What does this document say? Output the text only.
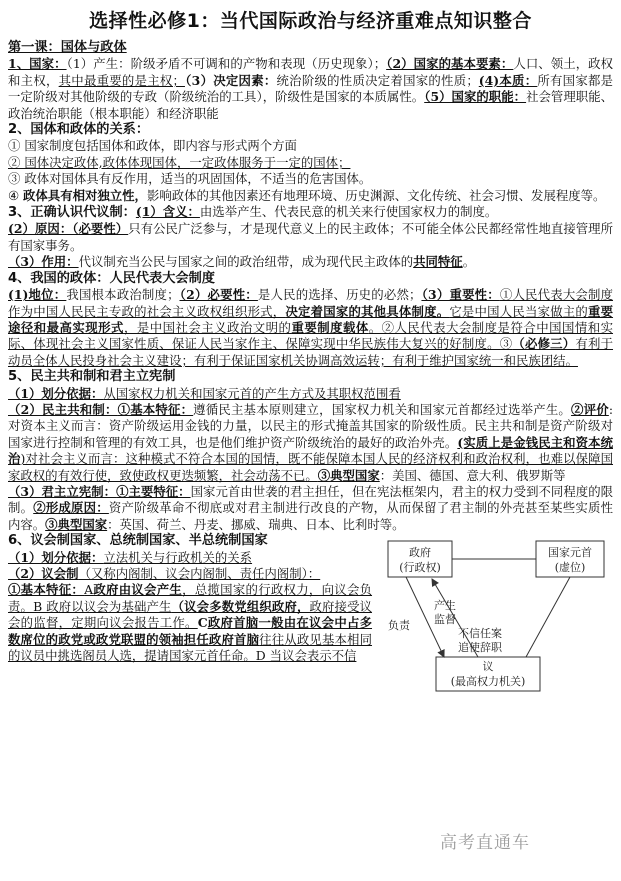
选择性必修1：当代国际政治与经济重难点知识整合
第一课：国体与政体
1、国家：（1）产生：阶级矛盾不可调和的产物和表现（历史现象）；（2）国家的基本要素：人口、领土，政权和主权，其中最重要的是主权；（3）决定因素：统治阶级的性质决定着国家的性质；(4)本质：所有国家都是一定阶级对其他阶级的专政（阶级统治的工具），阶级性是国家的本质属性。（5）国家的职能：社会管理职能、政治统治职能（根本职能）和经济职能
2、国体和政体的关系：
① 国家制度包括国体和政体，即内容与形式两个方面
② 国体决定政体,政体体现国体，一定政体服务于一定的国体；
③ 政体对国体具有反作用，适当的巩固国体，不适当的危害国体。
④ 政体具有相对独立性，影响政体的其他因素还有地理环境、历史渊源、文化传统、社会习惯、发展程度等。
3、正确认识代议制：(1）含义：由选举产生、代表民意的机关来行使国家权力的制度。
(2）原因：（必要性）只有公民广泛参与，才是现代意义上的民主政体；不可能全体公民都经常性地直接管理所有国家事务。
（3）作用：代议制充当公民与国家之间的政治纽带，成为现代民主政体的共同特征。
4、我国的政体：人民代表大会制度
(1)地位：我国根本政治制度；（2）必要性：是人民的选择、历史的必然；（3）重要性：①人民代表大会制度作为中国人民民主专政的社会主义政权组织形式，决定着国家的其他具体制度。它是中国人民当家做主的重要途径和最高实现形式，是中国社会主义政治文明的重要制度载体。②人民代表大会制度是符合中国国情和实际、体现社会主义国家性质、保证人民当家作主、保障实现中华民族伟大复兴的好制度。③（必修三）有利于动员全体人民投身社会主义建设；有利于保证国家机关协调高效运转；有利于维护国家统一和民族团结。
5、民主共和制和君主立宪制
（1）划分依据：从国家权力机关和国家元首的产生方式及其职权范围看
（2）民主共和制：①基本特征：遵循民主基本原则建立，国家权力机关和国家元首都经过选举产生。②评价:对资本主义而言：资产阶级运用金钱的力量，以民主的形式掩盖其国家的阶级性质。民主共和制是资产阶级对国家进行控制和管理的有效工具，也是他们维护资产阶级统治的最好的政治外壳。(实质上是金钱民主和资本统治)对社会主义而言：这种模式不符合本国的国情，既不能保障本国人民的经济权利和政治权利，也难以保障国家政权的有效行使，致使政权更迭频繁，社会动荡不已。③典型国家：美国、德国、意大利、俄罗斯等
（3）君主立宪制：①主要特征：国家元首由世袭的君主担任，但在宪法框架内，君主的权力受到不同程度的限制。②形成原因：资产阶级革命不彻底或对君主制进行改良的产物，从而保留了君主制的外壳甚至某些实质性内容。③典型国家：英国、荷兰、丹麦、挪威、瑞典、日本、比利时等。
6、议会制国家、总统制国家、半总统制国家
（1）划分依据：立法机关与行政机关的关系
（2）议会制（又称内阁制、议会内阁制、责任内阁制）：
①基本特征：A政府由议会产生，总揽国家的行政权力，向议会负责。B 政府以议会为基础产生（议会多数党组织政府，政府接受议会的监督，定期向议会报告工作。C政府首脑一般由在议会中占多数席位的政党或政党联盟的领袖担任政府首脑往往从政见基本相同的议员中挑选阁员人选，提请国家元首任命。D 当议会表示不信
政府
(行政权)
国家元首
(虚位)
议
(最高权力机关)
产生
监督
不信任案
追使辞职
负责
高考直通车
